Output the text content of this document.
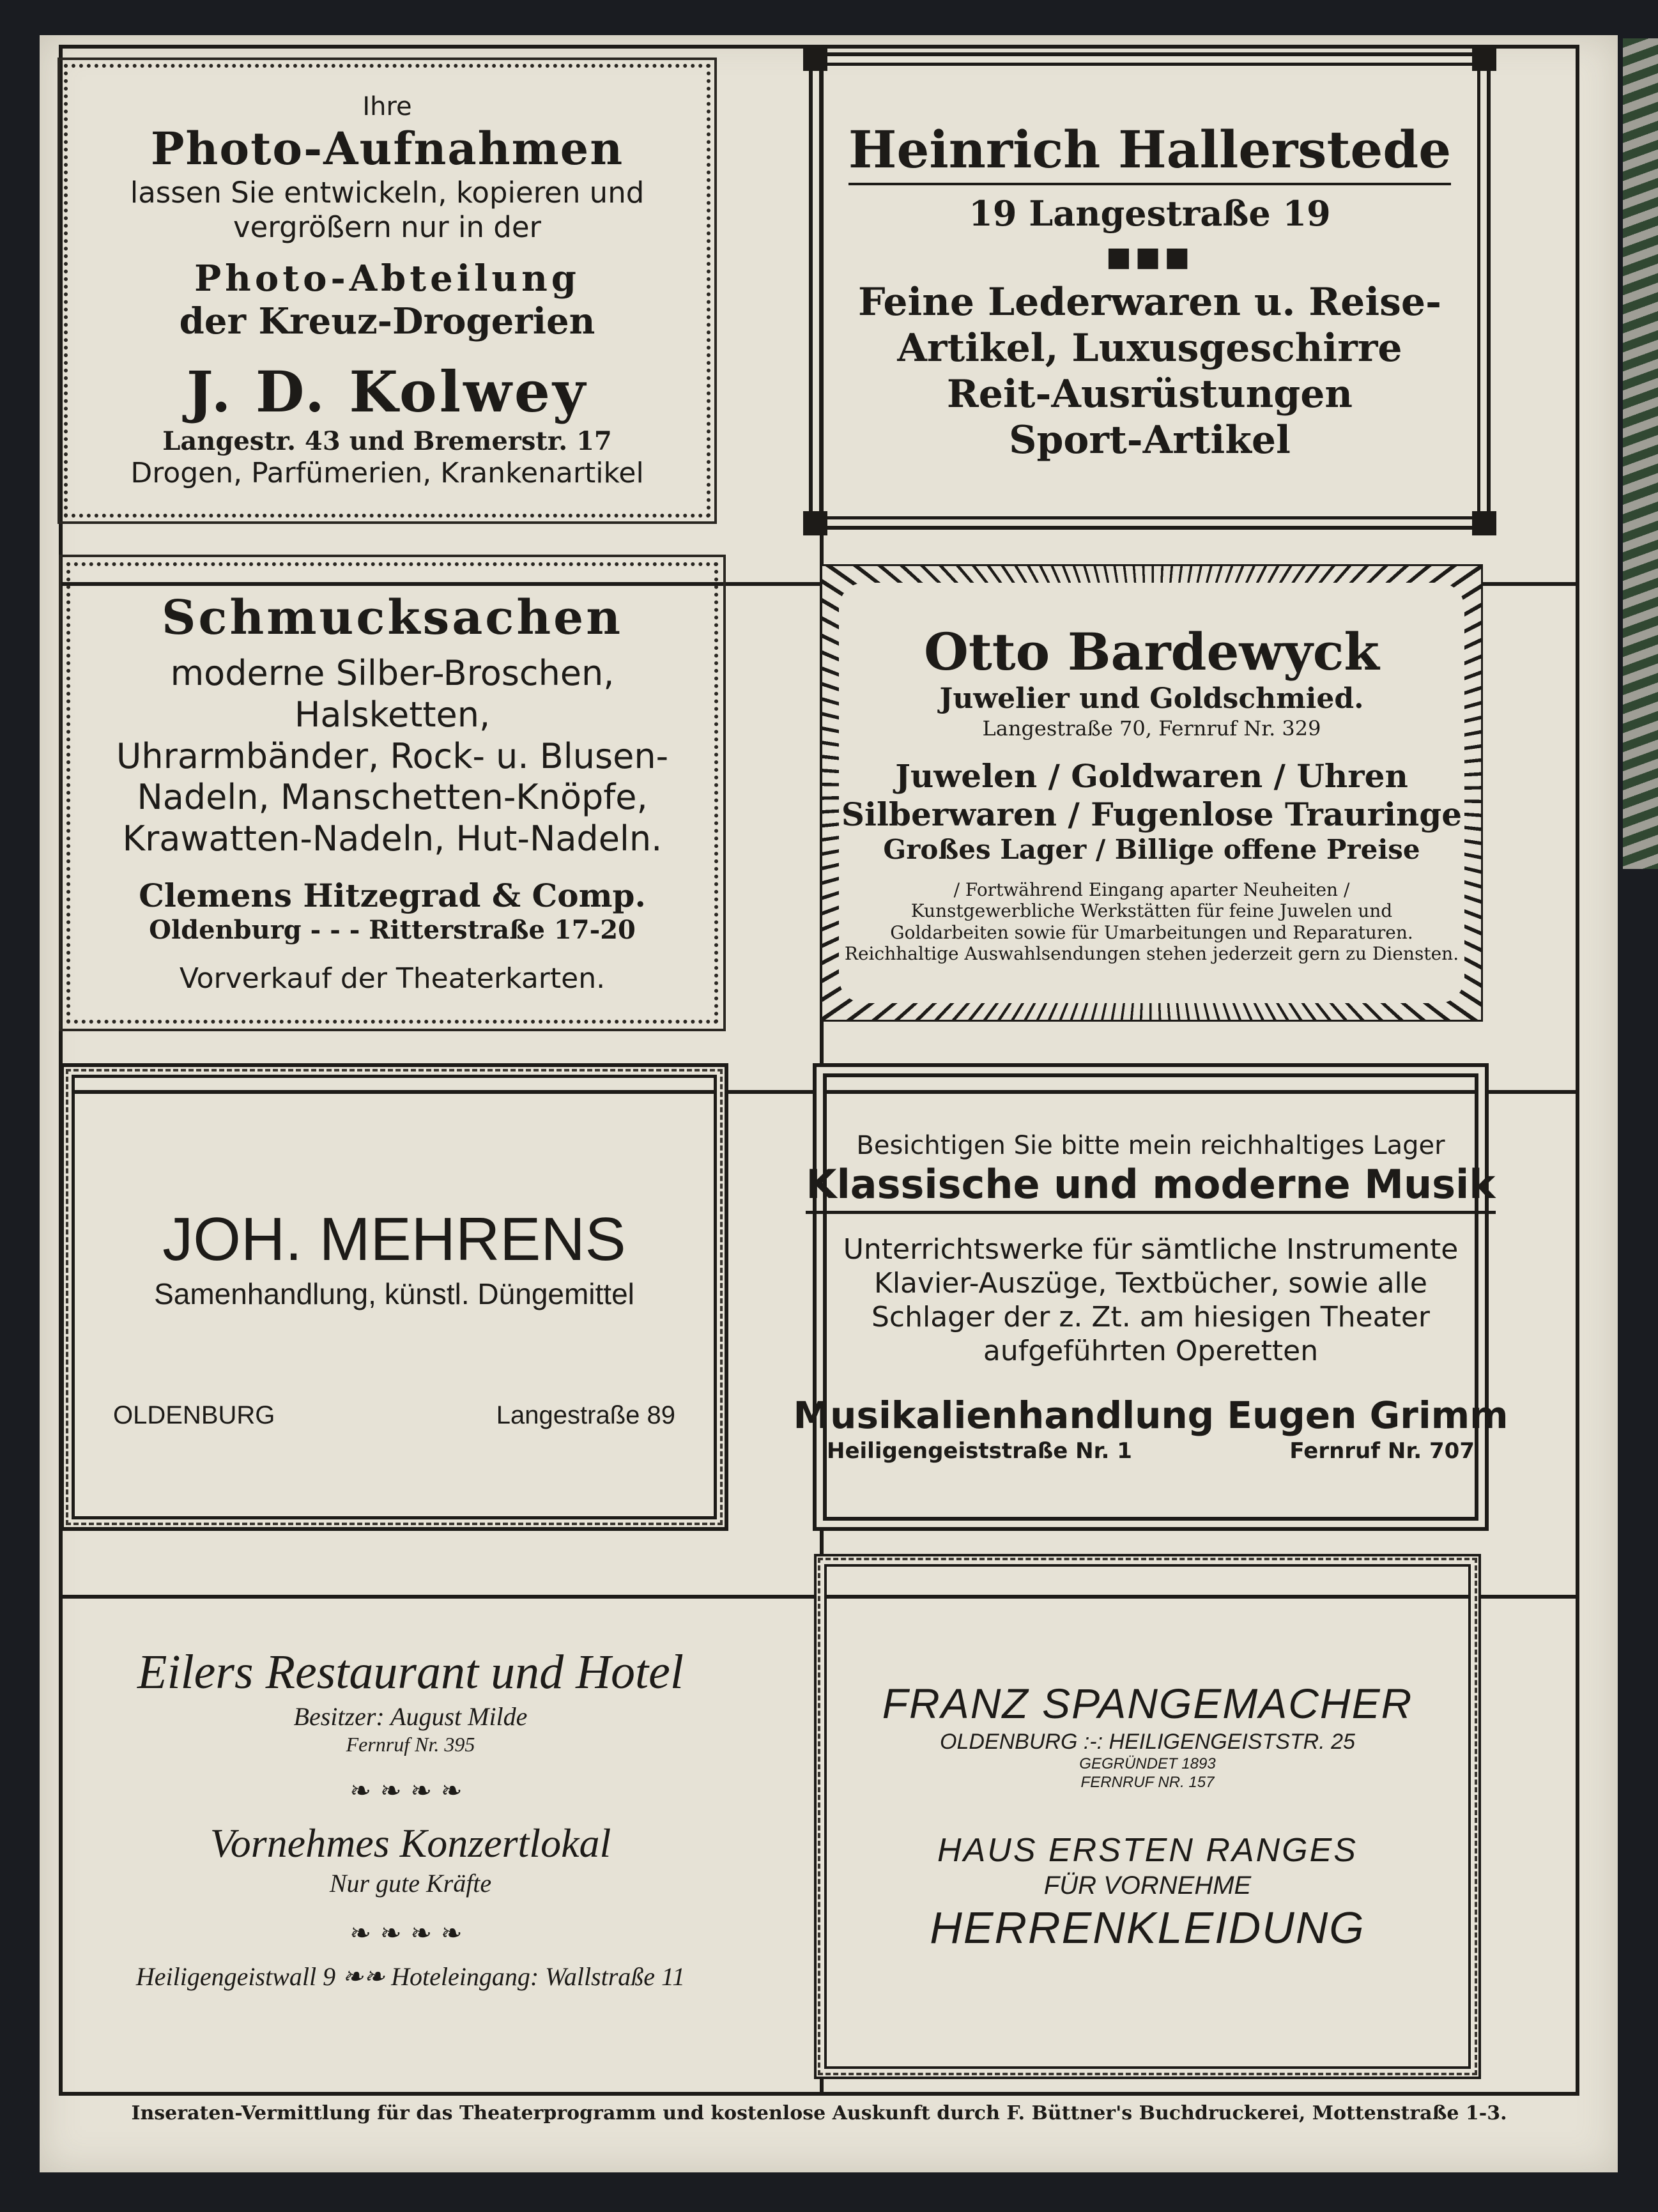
Ihre
Photo-Aufnahmen
lassen Sie entwickeln, kopieren und
vergrößern nur in der
Photo-Abteilung
der Kreuz-Drogerien
J. D. Kolwey
Langestr. 43 und Bremerstr. 17
Drogen, Parfümerien, Krankenartikel
Heinrich Hallerstede
19 Langestraße 19
■■■
Feine Lederwaren u. Reise-
Artikel, Luxusgeschirre
Reit-Ausrüstungen
Sport-Artikel
Schmucksachen
moderne Silber-Broschen,
Halsketten,
Uhrarmbänder, Rock- u. Blusen-
Nadeln, Manschetten-Knöpfe,
Krawatten-Nadeln, Hut-Nadeln.
Clemens Hitzegrad & Comp.
Oldenburg - - - Ritterstraße 17-20
Vorverkauf der Theaterkarten.
Otto Bardewyck
Juwelier und Goldschmied.
Langestraße 70, Fernruf Nr. 329
Juwelen / Goldwaren / Uhren
Silberwaren / Fugenlose Trauringe
Großes Lager / Billige offene Preise
/ Fortwährend Eingang aparter Neuheiten /
Kunstgewerbliche Werkstätten für feine Juwelen und
Goldarbeiten sowie für Umarbeitungen und Reparaturen.
Reichhaltige Auswahlsendungen stehen jederzeit gern zu Diensten.
JOH. MEHRENS
Samenhandlung, künstl. Düngemittel
OLDENBURG	Langestraße 89
Besichtigen Sie bitte mein reichhaltiges Lager
Klassische und moderne Musik
Unterrichtswerke für sämtliche Instrumente
Klavier-Auszüge, Textbücher, sowie alle
Schlager der z. Zt. am hiesigen Theater
aufgeführten Operetten
Musikalienhandlung Eugen Grimm
Heiligengeiststraße Nr. 1	Fernruf Nr. 707
Eilers Restaurant und Hotel
Besitzer: August Milde
Fernruf Nr. 395
❧❧❧❧
Vornehmes Konzertlokal
Nur gute Kräfte
❧❧❧❧
Heiligengeistwall 9 ❧❧ Hoteleingang: Wallstraße 11
FRANZ SPANGEMACHER
OLDENBURG :-: HEILIGENGEISTSTR. 25
GEGRÜNDET 1893
FERNRUF NR. 157
HAUS ERSTEN RANGES
FÜR VORNEHME
HERRENKLEIDUNG
Inseraten-Vermittlung für das Theaterprogramm und kostenlose Auskunft durch F. Büttner's Buchdruckerei, Mottenstraße 1-3.
